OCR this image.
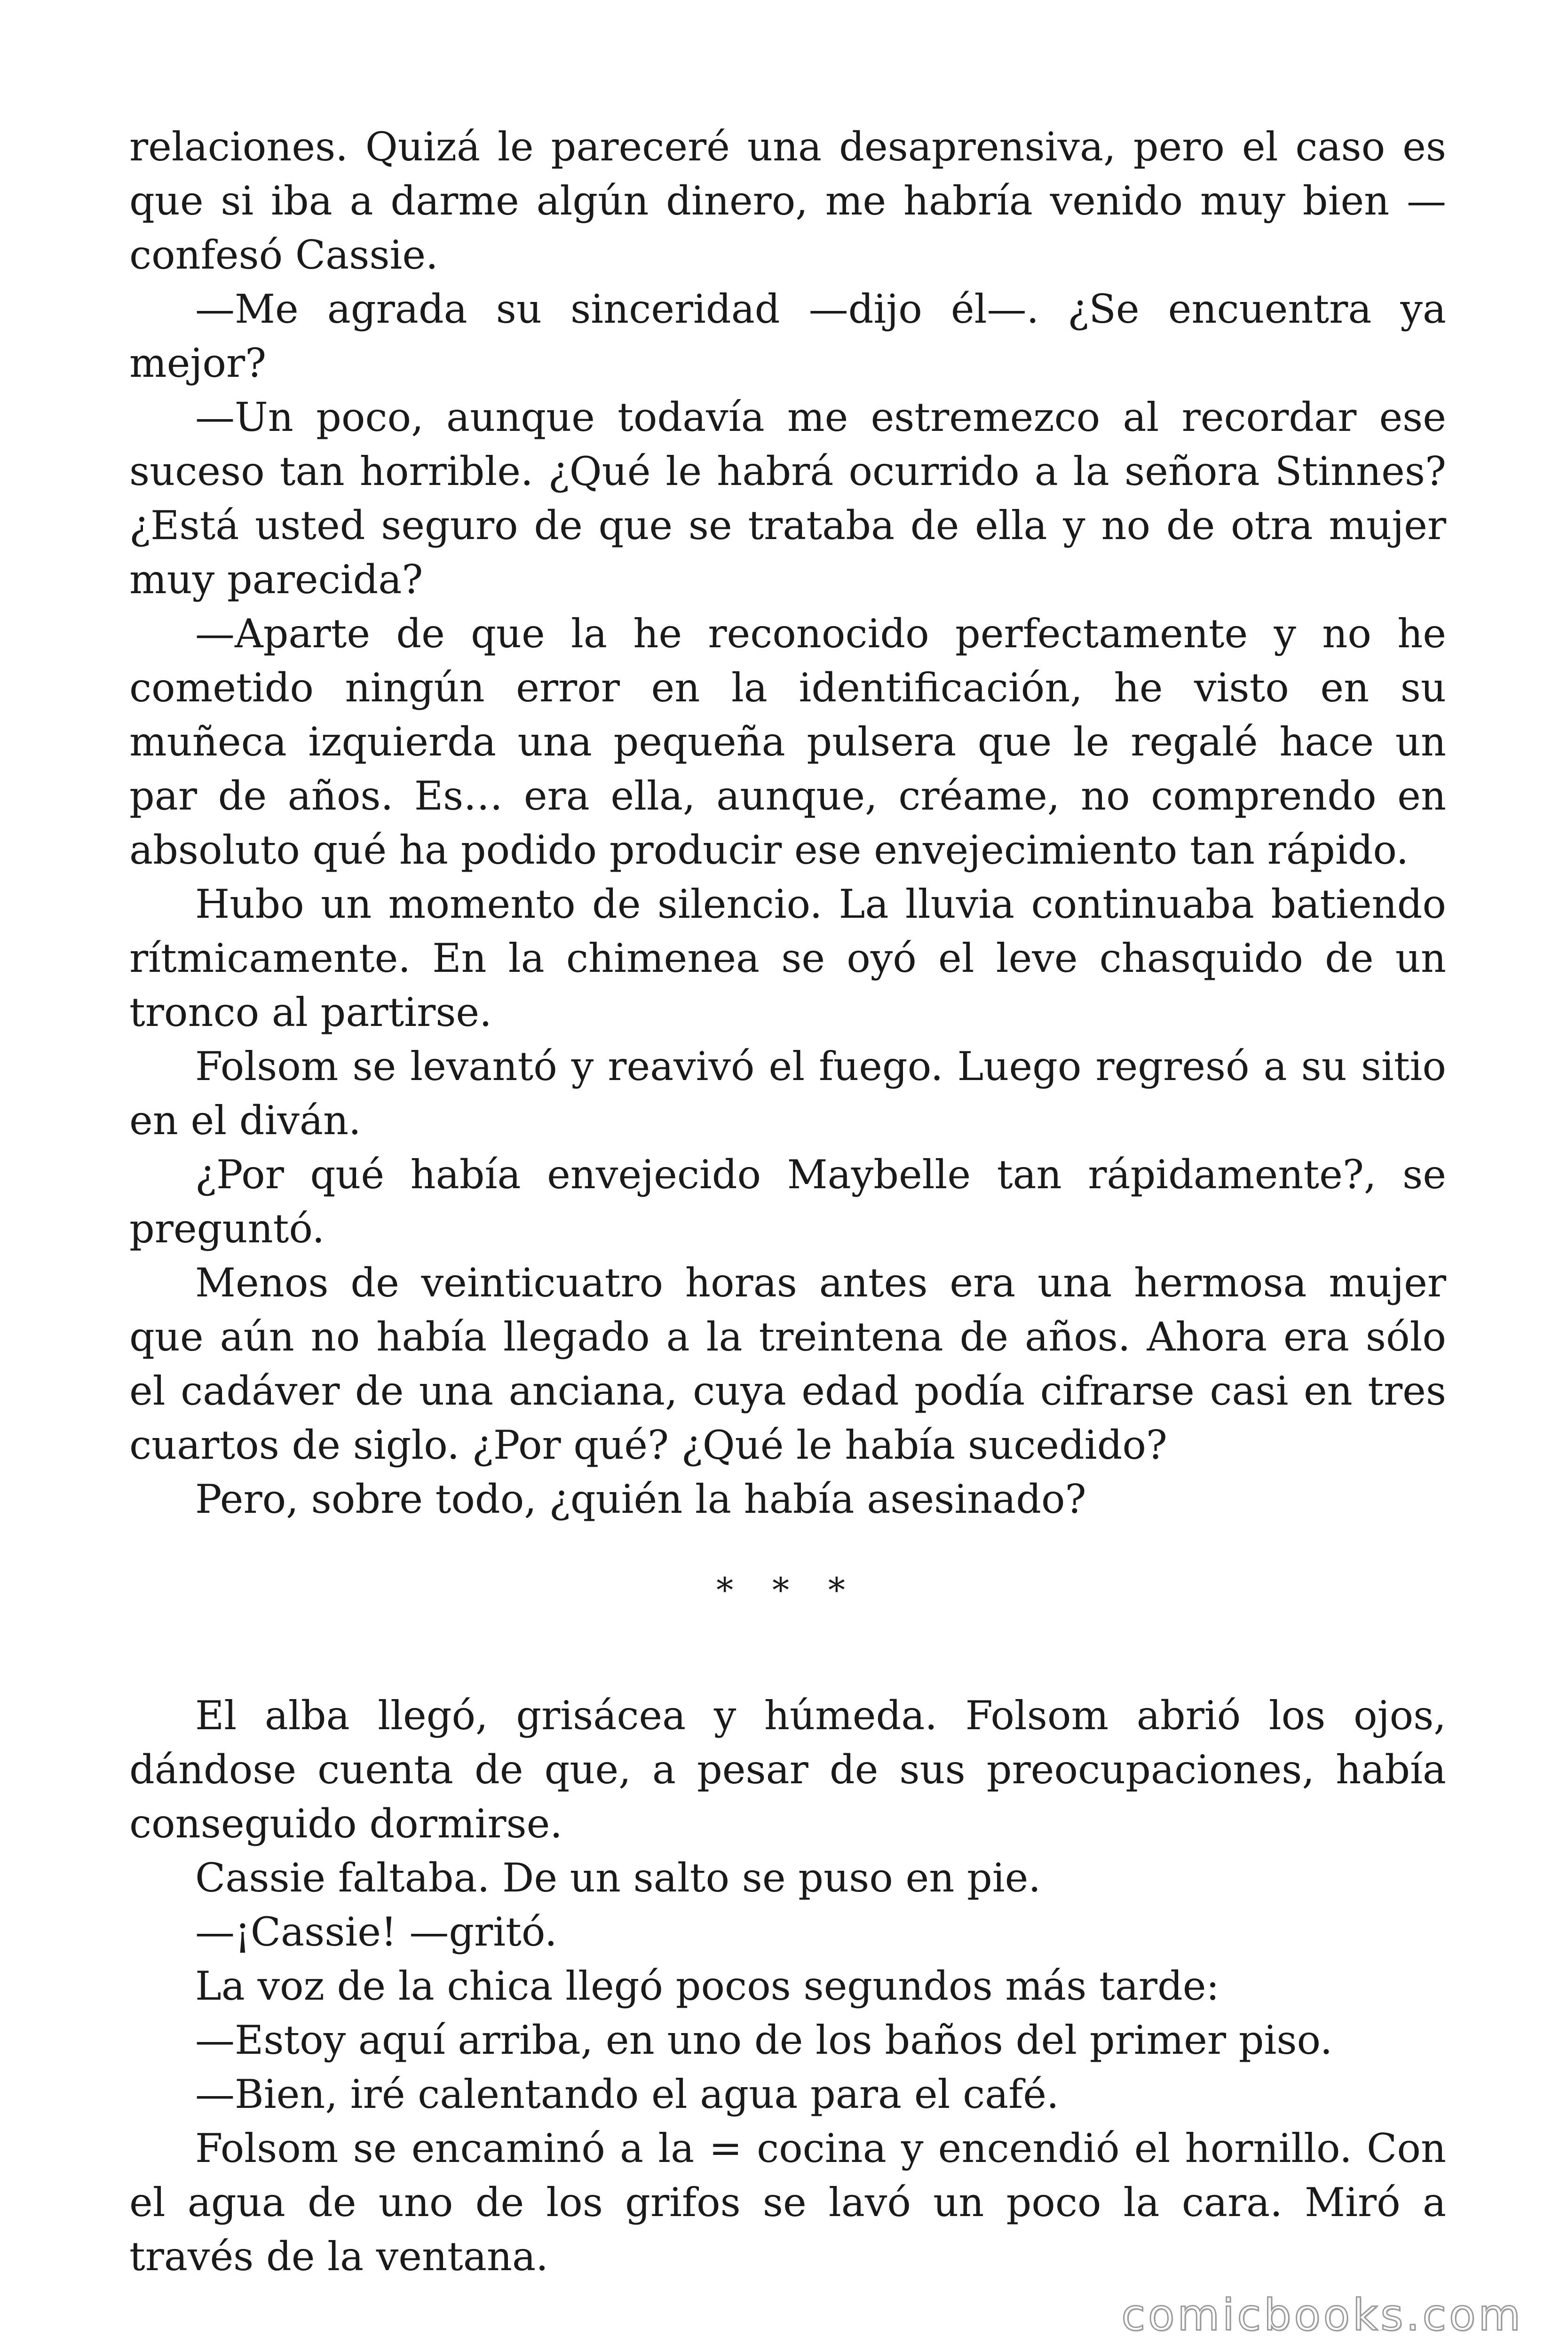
relaciones. Quizá le pareceré una desaprensiva, pero el caso es que si iba a darme algún dinero, me habría venido muy bien —confesó Cassie.

—Me agrada su sinceridad —dijo él—. ¿Se encuentra ya mejor?

—Un poco, aunque todavía me estremezco al recordar ese suceso tan horrible. ¿Qué le habrá ocurrido a la señora Stinnes? ¿Está usted seguro de que se trataba de ella y no de otra mujer muy parecida?

—Aparte de que la he reconocido perfectamente y no he cometido ningún error en la identificación, he visto en su muñeca izquierda una pequeña pulsera que le regalé hace un par de años. Es… era ella, aunque, créame, no comprendo en absoluto qué ha podido producir ese envejecimiento tan rápido.

Hubo un momento de silencio. La lluvia continuaba batiendo rítmicamente. En la chimenea se oyó el leve chasquido de un tronco al partirse.

Folsom se levantó y reavivó el fuego. Luego regresó a su sitio en el diván.

¿Por qué había envejecido Maybelle tan rápidamente?, se preguntó.

Menos de veinticuatro horas antes era una hermosa mujer que aún no había llegado a la treintena de años. Ahora era sólo el cadáver de una anciana, cuya edad podía cifrarse casi en tres cuartos de siglo. ¿Por qué? ¿Qué le había sucedido?

Pero, sobre todo, ¿quién la había asesinado?

* * *

El alba llegó, grisácea y húmeda. Folsom abrió los ojos, dándose cuenta de que, a pesar de sus preocupaciones, había conseguido dormirse.

Cassie faltaba. De un salto se puso en pie.

—¡Cassie! —gritó.

La voz de la chica llegó pocos segundos más tarde:

—Estoy aquí arriba, en uno de los baños del primer piso.

—Bien, iré calentando el agua para el café.

Folsom se encaminó a la = cocina y encendió el hornillo. Con el agua de uno de los grifos se lavó un poco la cara. Miró a través de la ventana.

comicbooks.com
